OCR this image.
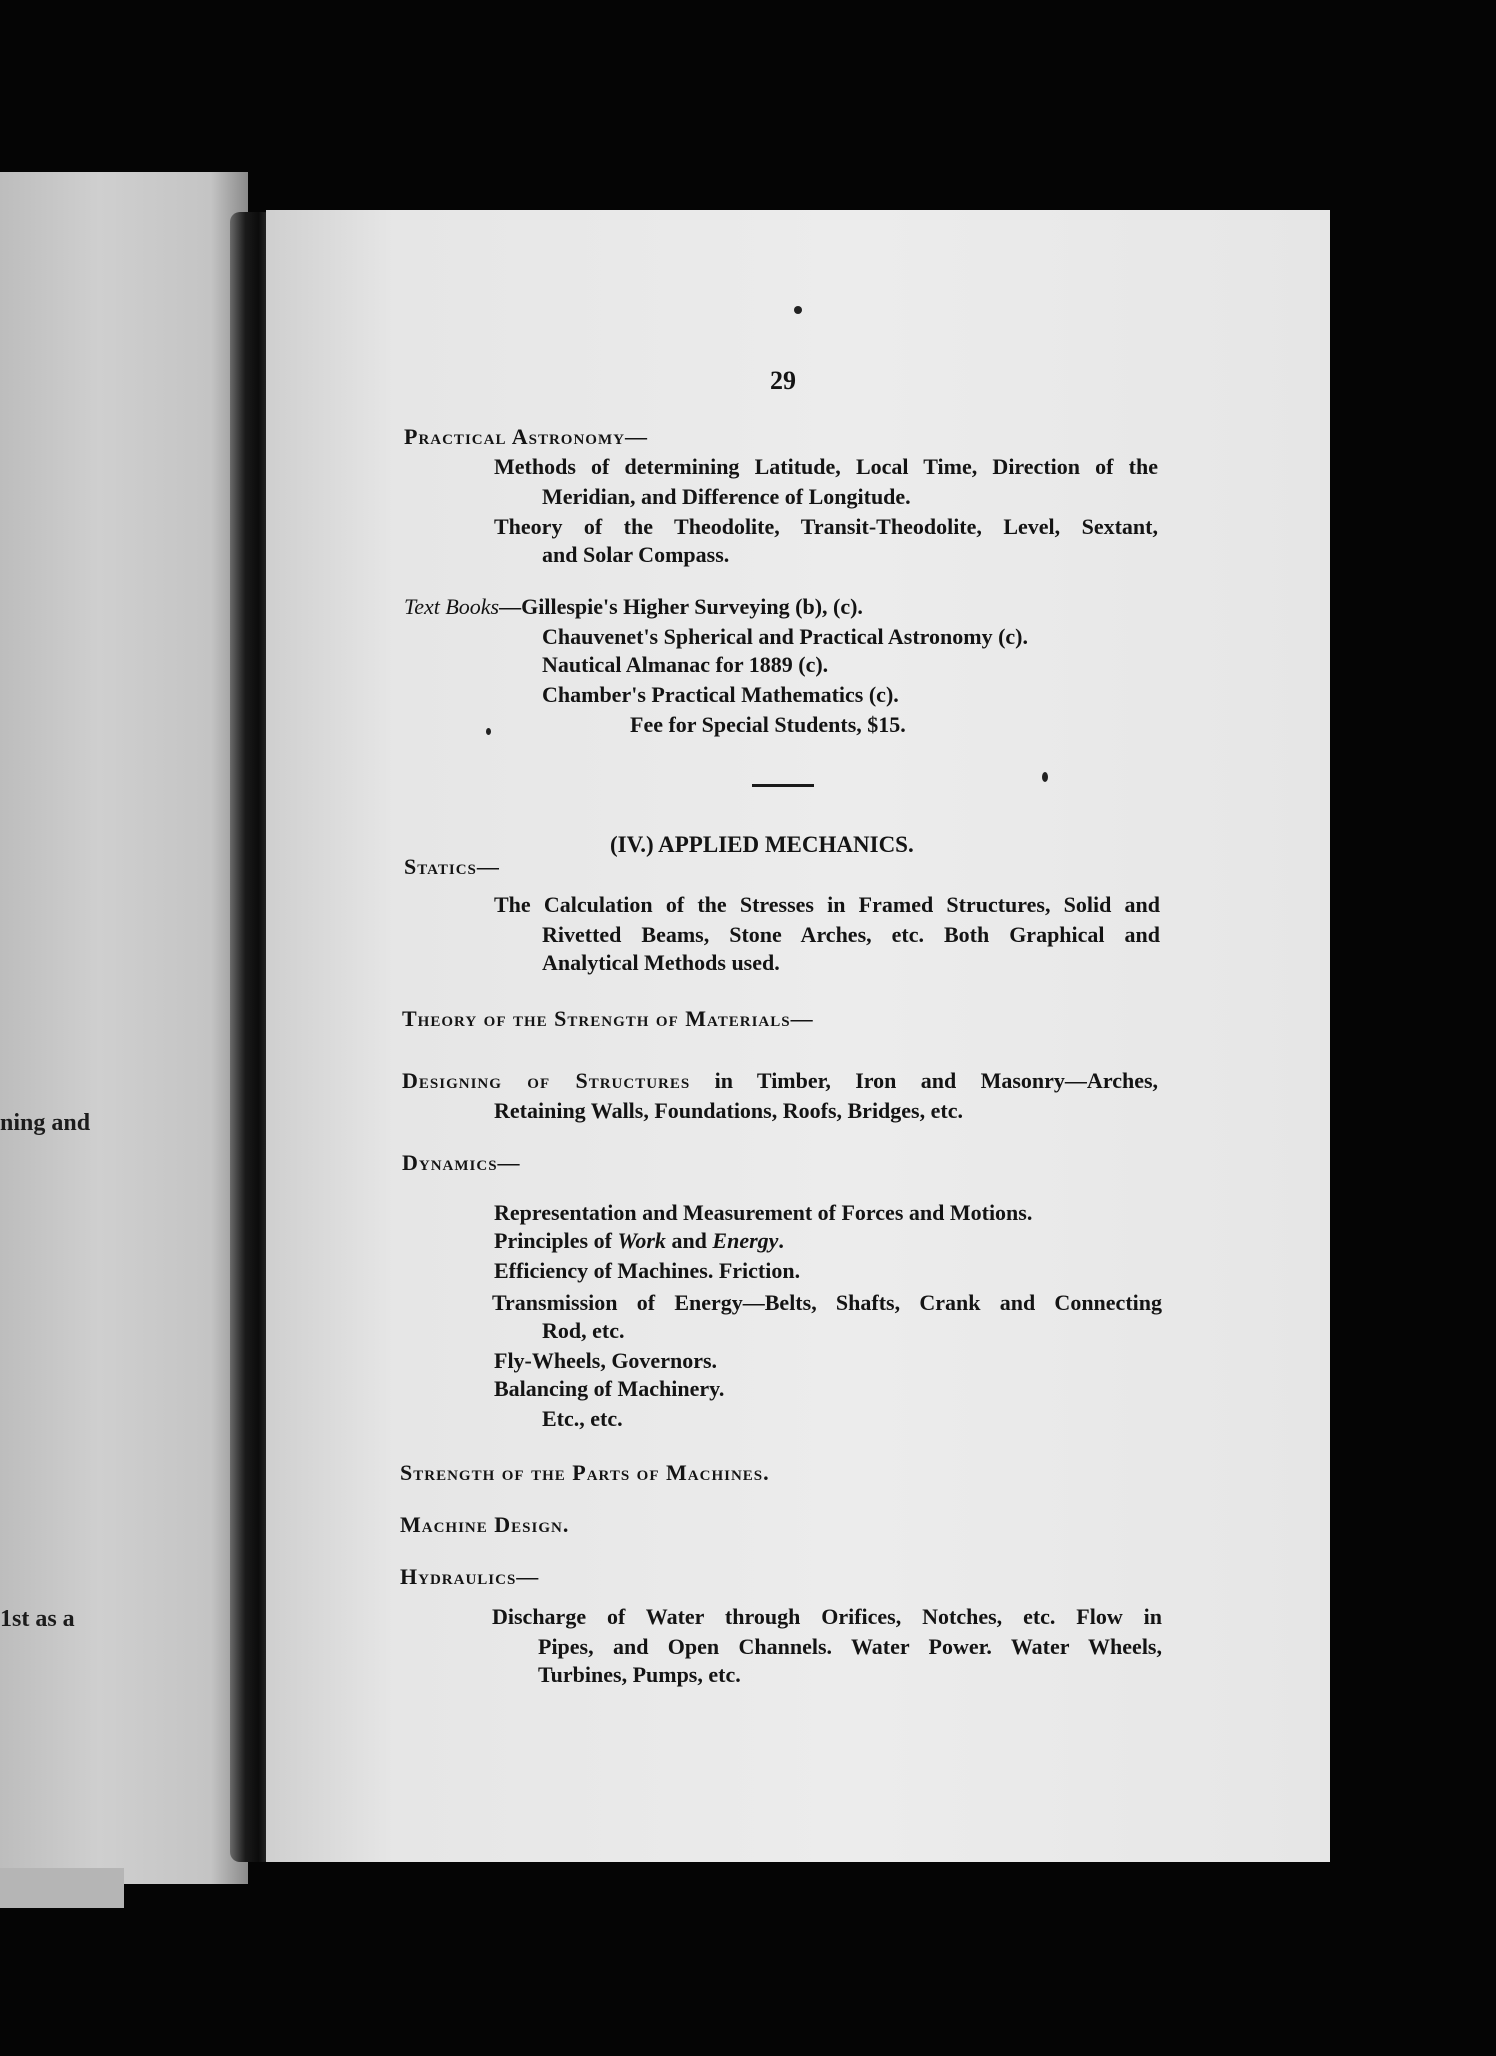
ning and
1st as a
29
Practical Astronomy—
Methods of determining Latitude, Local Time, Direction of the
Meridian, and Difference of Longitude.
Theory of the Theodolite, Transit-Theodolite, Level, Sextant,
and Solar Compass.
Text Books—Gillespie's Higher Surveying (b), (c).
Chauvenet's Spherical and Practical Astronomy (c).
Nautical Almanac for 1889 (c).
Chamber's Practical Mathematics (c).
Fee for Special Students, $15.
(IV.) APPLIED MECHANICS.
Statics—
The Calculation of the Stresses in Framed Structures, Solid and
Rivetted Beams, Stone Arches, etc. Both Graphical and
Analytical Methods used.
Theory of the Strength of Materials—
Designing of Structures in Timber, Iron and Masonry—Arches,
Retaining Walls, Foundations, Roofs, Bridges, etc.
Dynamics—
Representation and Measurement of Forces and Motions.
Principles of Work and Energy.
Efficiency of Machines. Friction.
Transmission of Energy—Belts, Shafts, Crank and Connecting
Rod, etc.
Fly-Wheels, Governors.
Balancing of Machinery.
Etc., etc.
Strength of the Parts of Machines.
Machine Design.
Hydraulics—
Discharge of Water through Orifices, Notches, etc. Flow in
Pipes, and Open Channels. Water Power. Water Wheels,
Turbines, Pumps, etc.
